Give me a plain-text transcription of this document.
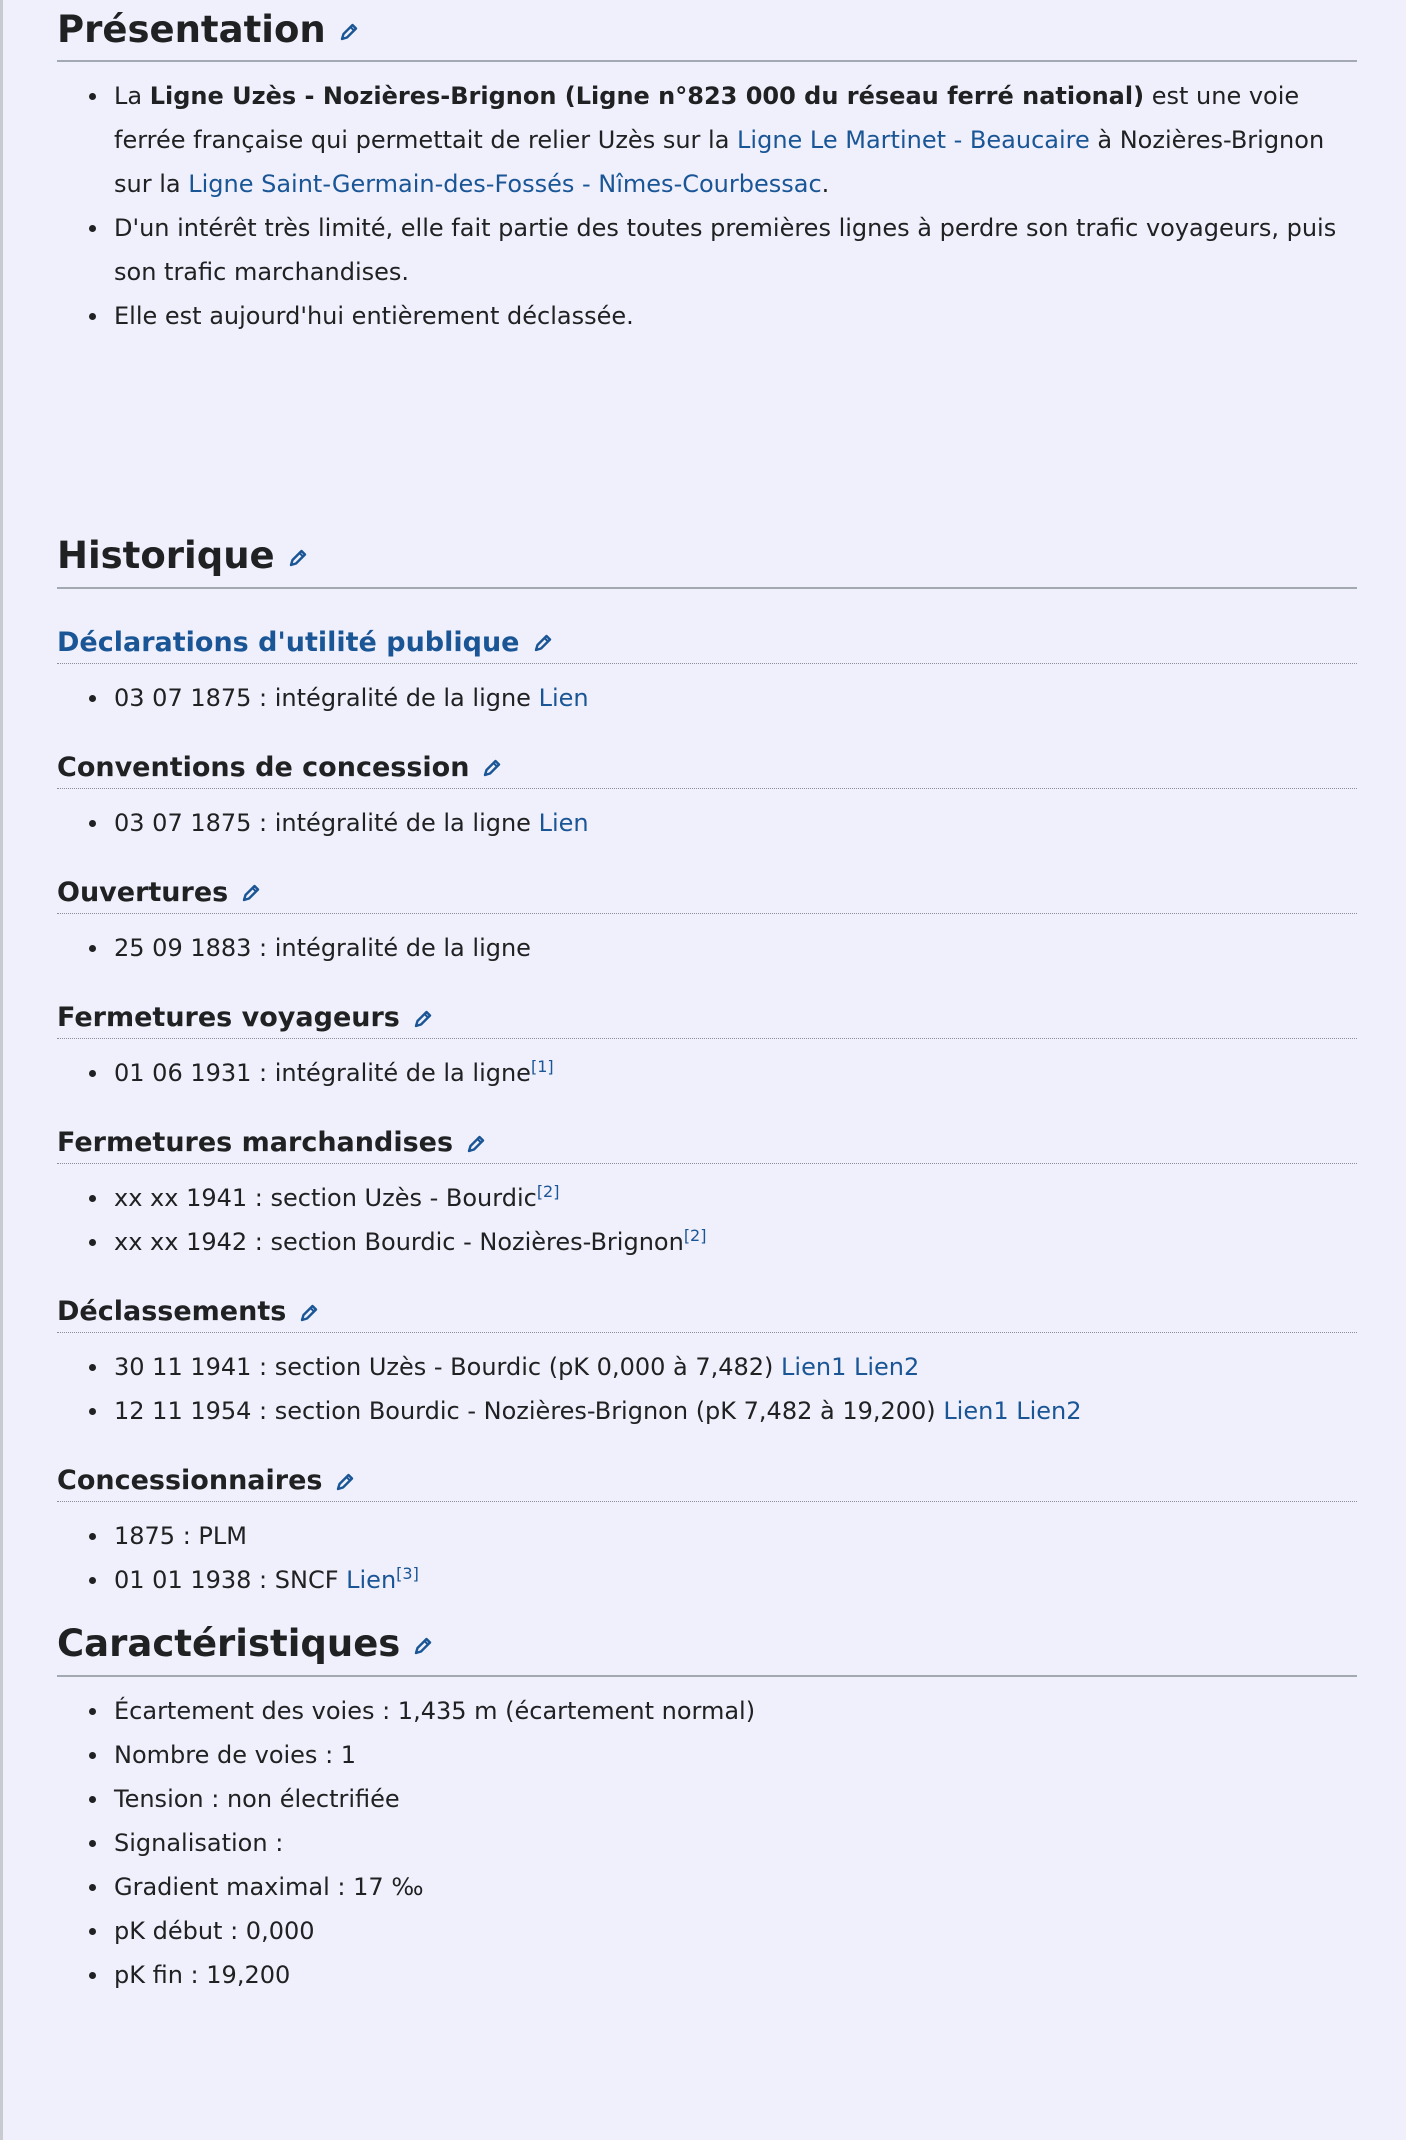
Présentation
La Ligne Uzès - Nozières-Brignon (Ligne n°823 000 du réseau ferré national) est une voie ferrée française qui permettait de relier Uzès sur la Ligne Le Martinet - Beaucaire à Nozières-Brignon sur la Ligne Saint-Germain-des-Fossés - Nîmes-Courbessac.
D'un intérêt très limité, elle fait partie des toutes premières lignes à perdre son trafic voyageurs, puis son trafic marchandises.
Elle est aujourd'hui entièrement déclassée.
Historique
Déclarations d'utilité publique
03 07 1875 : intégralité de la ligne Lien
Conventions de concession
03 07 1875 : intégralité de la ligne Lien
Ouvertures
25 09 1883 : intégralité de la ligne
Fermetures voyageurs
01 06 1931 : intégralité de la ligne[1]
Fermetures marchandises
xx xx 1941 : section Uzès - Bourdic[2]
xx xx 1942 : section Bourdic - Nozières-Brignon[2]
Déclassements
30 11 1941 : section Uzès - Bourdic (pK 0,000 à 7,482) Lien1 Lien2
12 11 1954 : section Bourdic - Nozières-Brignon (pK 7,482 à 19,200) Lien1 Lien2
Concessionnaires
1875 : PLM
01 01 1938 : SNCF Lien[3]
Caractéristiques
Écartement des voies : 1,435 m (écartement normal)
Nombre de voies : 1
Tension : non électrifiée
Signalisation :
Gradient maximal : 17 ‰
pK début : 0,000
pK fin : 19,200
